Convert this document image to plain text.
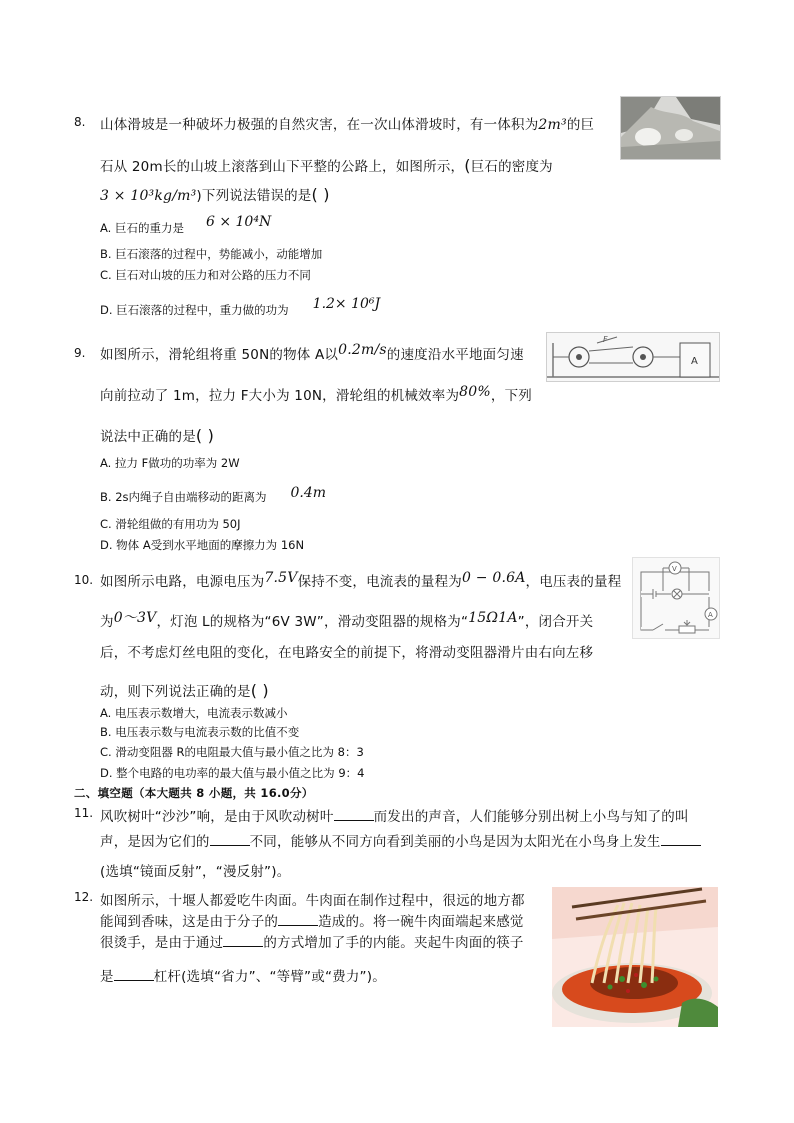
8. 山体滑坡是一种破坏力极强的自然灾害，在一次山体滑坡时，有一体积为2m³的巨
石从 20m长的山坡上滚落到山下平整的公路上，如图所示，(巨石的密度为
3 × 10³kg/m³)下列说法错误的是( )
A. 巨石的重力是 6 × 10⁴N
B. 巨石滚落的过程中，势能减小，动能增加
C. 巨石对山坡的压力和对公路的压力不同
D. 巨石滚落的过程中，重力做的功为 1.2× 10⁶J
9. 如图所示，滑轮组将重 50N的物体 A以0.2m/s的速度沿水平地面匀速
向前拉动了 1m，拉力 F大小为 10N，滑轮组的机械效率为80%，下列
说法中正确的是( )
A. 拉力 F做功的功率为 2W
B. 2s内绳子自由端移动的距离为 0.4m
C. 滑轮组做的有用功为 50J
D. 物体 A受到水平地面的摩擦力为 16N
F
A
10. 如图所示电路，电源电压为7.5V保持不变，电流表的量程为0 − 0.6A，电压表的量程
为0～3V，灯泡 L的规格为“6V 3W”，滑动变阻器的规格为“15Ω1A”，闭合开关
后，不考虑灯丝电阻的变化，在电路安全的前提下，将滑动变阻器滑片由右向左移
动，则下列说法正确的是( )
A. 电压表示数增大，电流表示数减小
B. 电压表示数与电流表示数的比值不变
C. 滑动变阻器 R的电阻最大值与最小值之比为 8：3
D. 整个电路的电功率的最大值与最小值之比为 9：4
V
A
二、填空题（本大题共 8 小题，共 16.0分）
11. 风吹树叶“沙沙”响，是由于风吹动树叶	而发出的声音，人们能够分别出树上小鸟与知了的叫
声，是因为它们的	不同，能够从不同方向看到美丽的小鸟是因为太阳光在小鸟身上发生
(选填“镜面反射”，“漫反射”)。
12. 如图所示，十堰人都爱吃牛肉面。牛肉面在制作过程中，很远的地方都
能闻到香味，这是由于分子的	造成的。将一碗牛肉面端起来感觉
很烫手，是由于通过	的方式增加了手的内能。夹起牛肉面的筷子
是	杠杆(选填“省力”、“等臂”或“费力”)。
